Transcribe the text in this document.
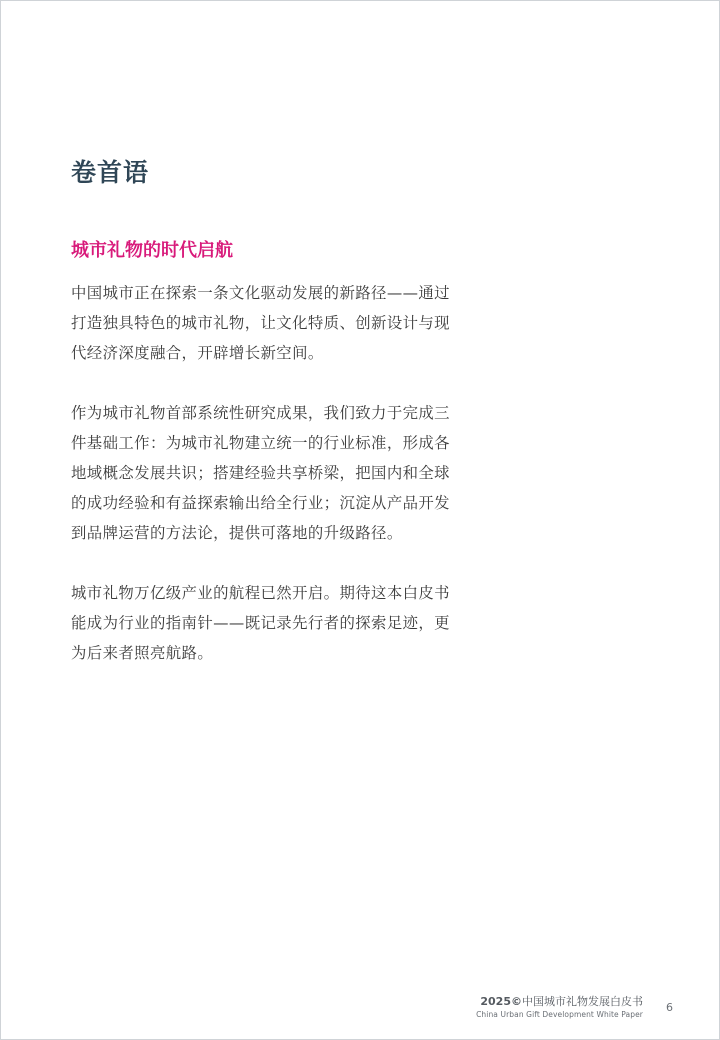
卷首语
城市礼物的时代启航

中国城市正在探索一条文化驱动发展的新路径——通过
打造独具特色的城市礼物，让文化特质、创新设计与现
代经济深度融合，开辟增长新空间。

作为城市礼物首部系统性研究成果，我们致力于完成三
件基础工作：为城市礼物建立统一的行业标准，形成各
地域概念发展共识；搭建经验共享桥梁，把国内和全球
的成功经验和有益探索输出给全行业；沉淀从产品开发
到品牌运营的方法论，提供可落地的升级路径。

城市礼物万亿级产业的航程已然开启。期待这本白皮书
能成为行业的指南针——既记录先行者的探索足迹，更
为后来者照亮航路。

2025©中国城市礼物发展白皮书
China Urban Gift Development White Paper
6
